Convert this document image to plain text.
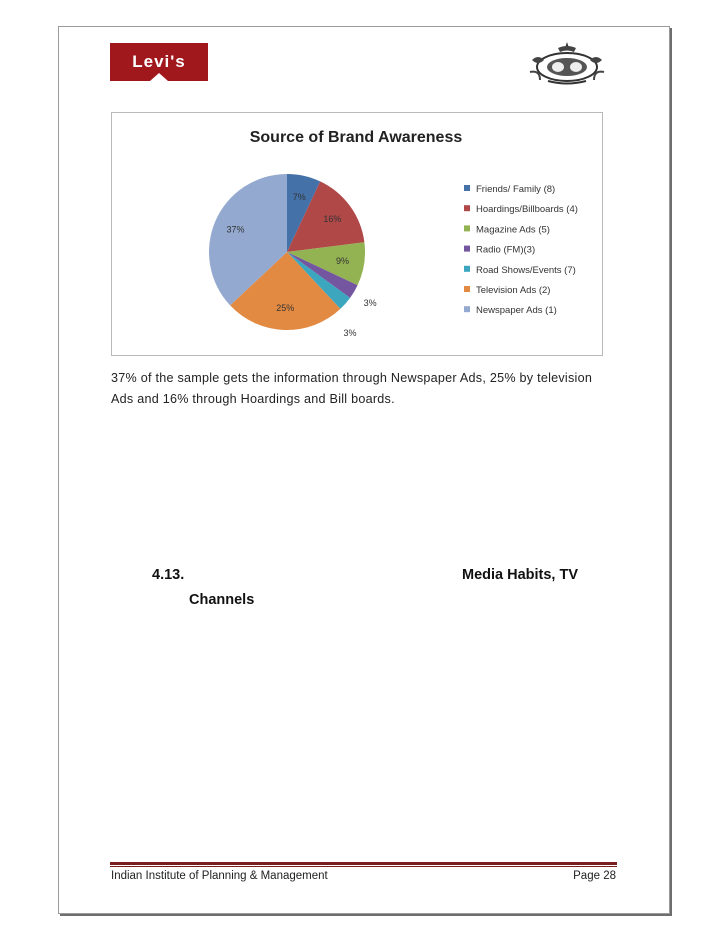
Levi's
Source of Brand Awareness
7%
16%
9%
3%
3%
25%
37%
Friends/ Family (8)
Hoardings/Billboards (4)
Magazine Ads (5)
Radio (FM)(3)
Road Shows/Events (7)
Television Ads (2)
Newspaper Ads (1)
37% of the sample gets the information through Newspaper Ads, 25% by television Ads and 16% through Hoardings and Bill boards.
4.13.	Media Habits, TV
Channels
Indian Institute of Planning & Management	Page 28
